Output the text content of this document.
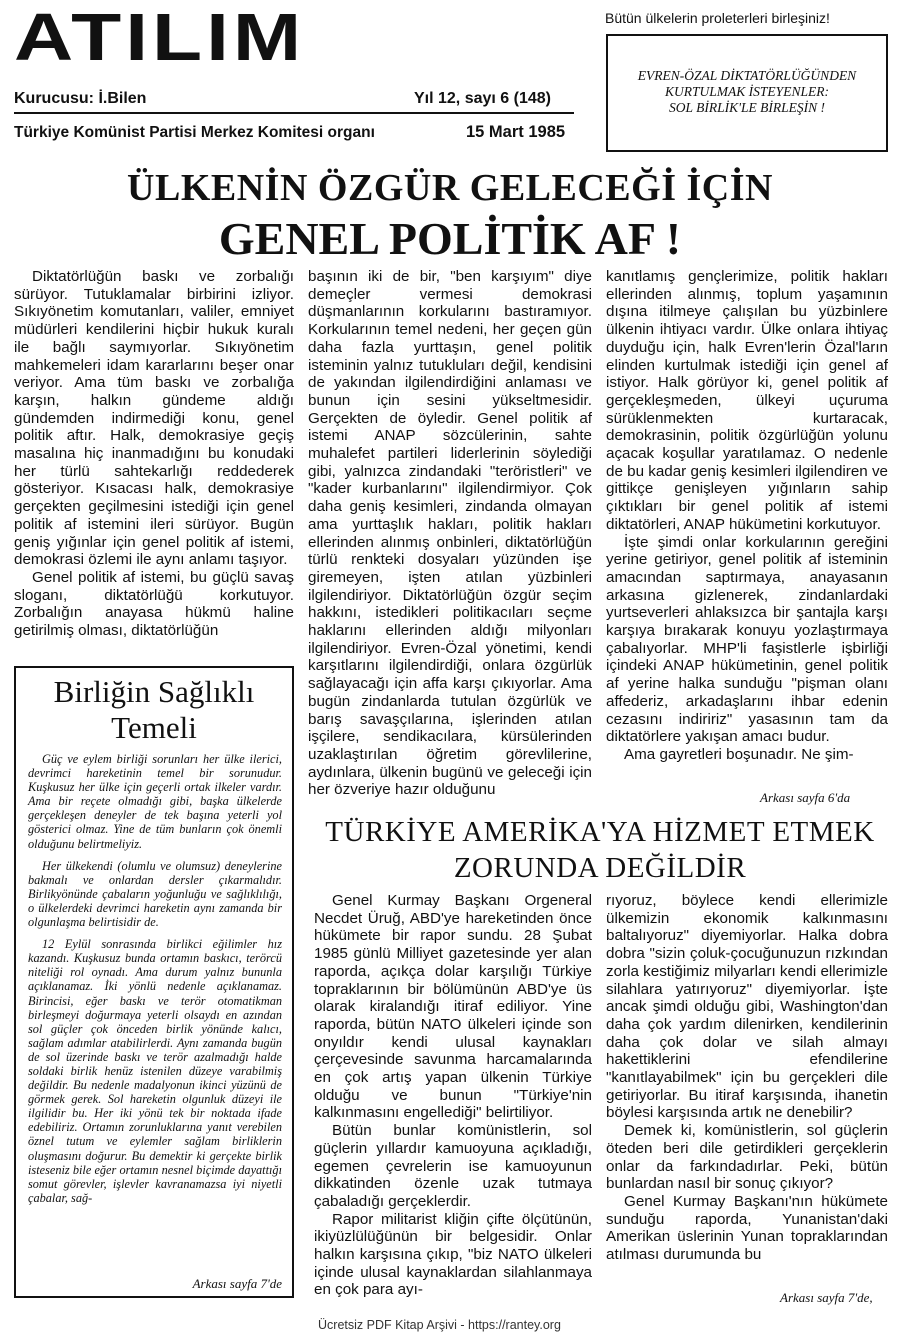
ATILIM
Kurucusu: İ.Bilen	Yıl 12, sayı 6 (148)
Türkiye Komünist Partisi Merkez Komitesi organı	15 Mart 1985
Bütün ülkelerin proleterleri birleşiniz!
EVREN-ÖZAL DİKTATÖRLÜĞÜNDEN
KURTULMAK İSTEYENLER:
SOL BİRLİK'LE BİRLEŞİN !
ÜLKENİN ÖZGÜR GELECEĞİ İÇİN
GENEL POLİTİK AF !

Diktatörlüğün baskı ve zorbalığı sürüyor. Tutuklamalar birbirini izliyor. Sıkıyönetim komutanları, valiler, emniyet müdürleri kendilerini hiçbir hukuk kuralı ile bağlı saymıyorlar. Sıkıyönetim mahkemeleri idam kararlarını beşer onar veriyor. Ama tüm baskı ve zorbalığa karşın, halkın gündeme aldığı gündemden indirmediği konu, genel politik aftır. Halk, demokrasiye geçiş masalına hiç inanmadığını bu konudaki her türlü sahtekarlığı reddederek gösteriyor. Kısacası halk, demokrasiye gerçekten geçilmesini istediği için genel politik af istemini ileri sürüyor. Bugün geniş yığınlar için genel politik af istemi, demokrasi özlemi ile aynı anlamı taşıyor.

Genel politik af istemi, bu güçlü savaş sloganı, diktatörlüğü korkutuyor. Zorbalığın anayasa hükmü haline getirilmiş olması, diktatörlüğün

başının iki de bir, "ben karşıyım" diye demeçler vermesi demokrasi düşmanlarının korkularını bastıramıyor. Korkularının temel nedeni, her geçen gün daha fazla yurttaşın, genel politik isteminin yalnız tutukluları değil, kendisini de yakından ilgilendirdiğini anlaması ve bunun için sesini yükseltmesidir. Gerçekten de öyledir. Genel politik af istemi ANAP sözcülerinin, sahte muhalefet partileri liderlerinin söylediği gibi, yalnızca zindandaki "teröristleri" ve "kader kurbanlarını" ilgilendirmiyor. Çok daha geniş kesimleri, zindanda olmayan ama yurttaşlık hakları, politik hakları ellerinden alınmış onbinleri, diktatörlüğün türlü renkteki dosyaları yüzünden işe giremeyen, işten atılan yüzbinleri ilgilendiriyor. Diktatörlüğün özgür seçim hakkını, istedikleri politikacıları seçme haklarını ellerinden aldığı milyonları ilgilendiriyor. Evren-Özal yönetimi, kendi karşıtlarını ilgilendirdiği, onlara özgürlük sağlayacağı için affa karşı çıkıyorlar. Ama bugün zindanlarda tutulan özgürlük ve barış savaşçılarına, işlerinden atılan işçilere, sendikacılara, kürsülerinden uzaklaştırılan öğretim görevlilerine, aydınlara, ülkenin bugünü ve geleceği için her özveriye hazır olduğunu

kanıtlamış gençlerimize, politik hakları ellerinden alınmış, toplum yaşamının dışına itilmeye çalışılan bu yüzbinlere ülkenin ihtiyacı vardır. Ülke onlara ihtiyaç duyduğu için, halk Evren'lerin Özal'ların elinden kurtulmak istediği için genel af istiyor. Halk görüyor ki, genel politik af gerçekleşmeden, ülkeyi uçuruma sürüklenmekten kurtaracak, demokrasinin, politik özgürlüğün yolunu açacak koşullar yaratılamaz. O nedenle de bu kadar geniş kesimleri ilgilendiren ve gittikçe genişleyen yığınların sahip çıktıkları bir genel politik af istemi diktatörleri, ANAP hükümetini korkutuyor.

İşte şimdi onlar korkularının gereğini yerine getiriyor, genel politik af isteminin amacından saptırmaya, anayasanın arkasına gizlenerek, zindanlardaki yurtseverleri ahlaksızca bir şantajla karşı karşıya bırakarak konuyu yozlaştırmaya çabalıyorlar. MHP'li faşistlerle işbirliği içindeki ANAP hükümetinin, genel politik af yerine halka sunduğu "pişman olanı affederiz, arkadaşlarını ihbar edenin cezasını indiririz" yasasının tam da diktatörlere yakışan amacı budur.

Ama gayretleri boşunadır. Ne şim-

Arkası sayfa 6'da
Birliğin Sağlıklı
Temeli

Güç ve eylem birliği sorunları her ülke ilerici, devrimci hareketinin temel bir sorunudur. Kuşkusuz her ülke için geçerli ortak ilkeler vardır. Ama bir reçete olmadığı gibi, başka ülkelerde gerçekleşen deneyler de tek başına yeterli yol gösterici olmaz. Yine de tüm bunların çok önemli olduğunu belirtmeliyiz.

Her ülkekendi (olumlu ve olumsuz) deneylerine bakmalı ve onlardan dersler çıkarmalıdır. Birlikyönünde çabaların yoğunluğu ve sağlıklılığı, o ülkelerdeki devrimci hareketin aynı zamanda bir olgunlaşma belirtisidir de.

12 Eylül sonrasında birlikci eğilimler hız kazandı. Kuşkusuz bunda ortamın baskıcı, terörcü niteliği rol oynadı. Ama durum yalnız bununla açıklanamaz. İki yönlü nedenle açıklanamaz. Birincisi, eğer baskı ve terör otomatikman birleşmeyi doğurmaya yeterli olsaydı en azından sol güçler çok önceden birlik yönünde kalıcı, sağlam adımlar atabilirlerdi. Aynı zamanda bugün de sol üzerinde baskı ve terör azalmadığı halde soldaki birlik henüz istenilen düzeye varabilmiş değildir. Bu nedenle madalyonun ikinci yüzünü de görmek gerek. Sol hareketin olgunluk düzeyi ile ilgilidir bu. Her iki yönü tek bir noktada ifade edebiliriz. Ortamın zorunluklarına yanıt verebilen öznel tutum ve eylemler sağlam birliklerin oluşmasını doğurur. Bu demektir ki gerçekte birlik isteseniz bile eğer ortamın nesnel biçimde dayattığı somut görevler, işlevler kavranamazsa iyi niyetli çabalar, sağ-

Arkası sayfa 7'de
TÜRKİYE AMERİKA'YA HİZMET ETMEK
ZORUNDA DEĞİLDİR

Genel Kurmay Başkanı Orgeneral Necdet Üruğ, ABD'ye hareketinden önce hükümete bir rapor sundu. 28 Şubat 1985 günlü Milliyet gazetesinde yer alan raporda, açıkça dolar karşılığı Türkiye topraklarının bir bölümünün ABD'ye üs olarak kiralandığı itiraf ediliyor. Yine raporda, bütün NATO ülkeleri içinde son onyıldır kendi ulusal kaynakları çerçevesinde savunma harcamalarında en çok artış yapan ülkenin Türkiye olduğu ve bunun "Türkiye'nin kalkınmasını engellediği" belirtiliyor.

Bütün bunlar komünistlerin, sol güçlerin yıllardır kamuoyuna açıkladığı, egemen çevrelerin ise kamuoyunun dikkatinden özenle uzak tutmaya çabaladığı gerçeklerdir.

Rapor militarist kliğin çifte ölçütünün, ikiyüzlülüğünün bir belgesidir. Onlar halkın karşısına çıkıp, "biz NATO ülkeleri içinde ulusal kaynaklardan silahlanmaya en çok para ayı-

rıyoruz, böylece kendi ellerimizle ülkemizin ekonomik kalkınmasını baltalıyoruz" diyemiyorlar. Halka dobra dobra "sizin çoluk-çocuğunuzun rızkından zorla kestiğimiz milyarları kendi ellerimizle silahlara yatırıyoruz" diyemiyorlar. İşte ancak şimdi olduğu gibi, Washington'dan daha çok yardım dilenirken, kendilerinin daha çok dolar ve silah almayı hakettiklerini efendilerine "kanıtlayabilmek" için bu gerçekleri dile getiriyorlar. Bu itiraf karşısında, ihanetin böylesi karşısında artık ne denebilir?

Demek ki, komünistlerin, sol güçlerin öteden beri dile getirdikleri gerçeklerin onlar da farkındadırlar. Peki, bütün bunlardan nasıl bir sonuç çıkıyor?

Genel Kurmay Başkanı'nın hükümete sunduğu raporda, Yunanistan'daki Amerikan üslerinin Yunan topraklarından atılması durumunda bu

Arkası sayfa 7'de,
Ücretsiz PDF Kitap Arşivi - https://rantey.org
